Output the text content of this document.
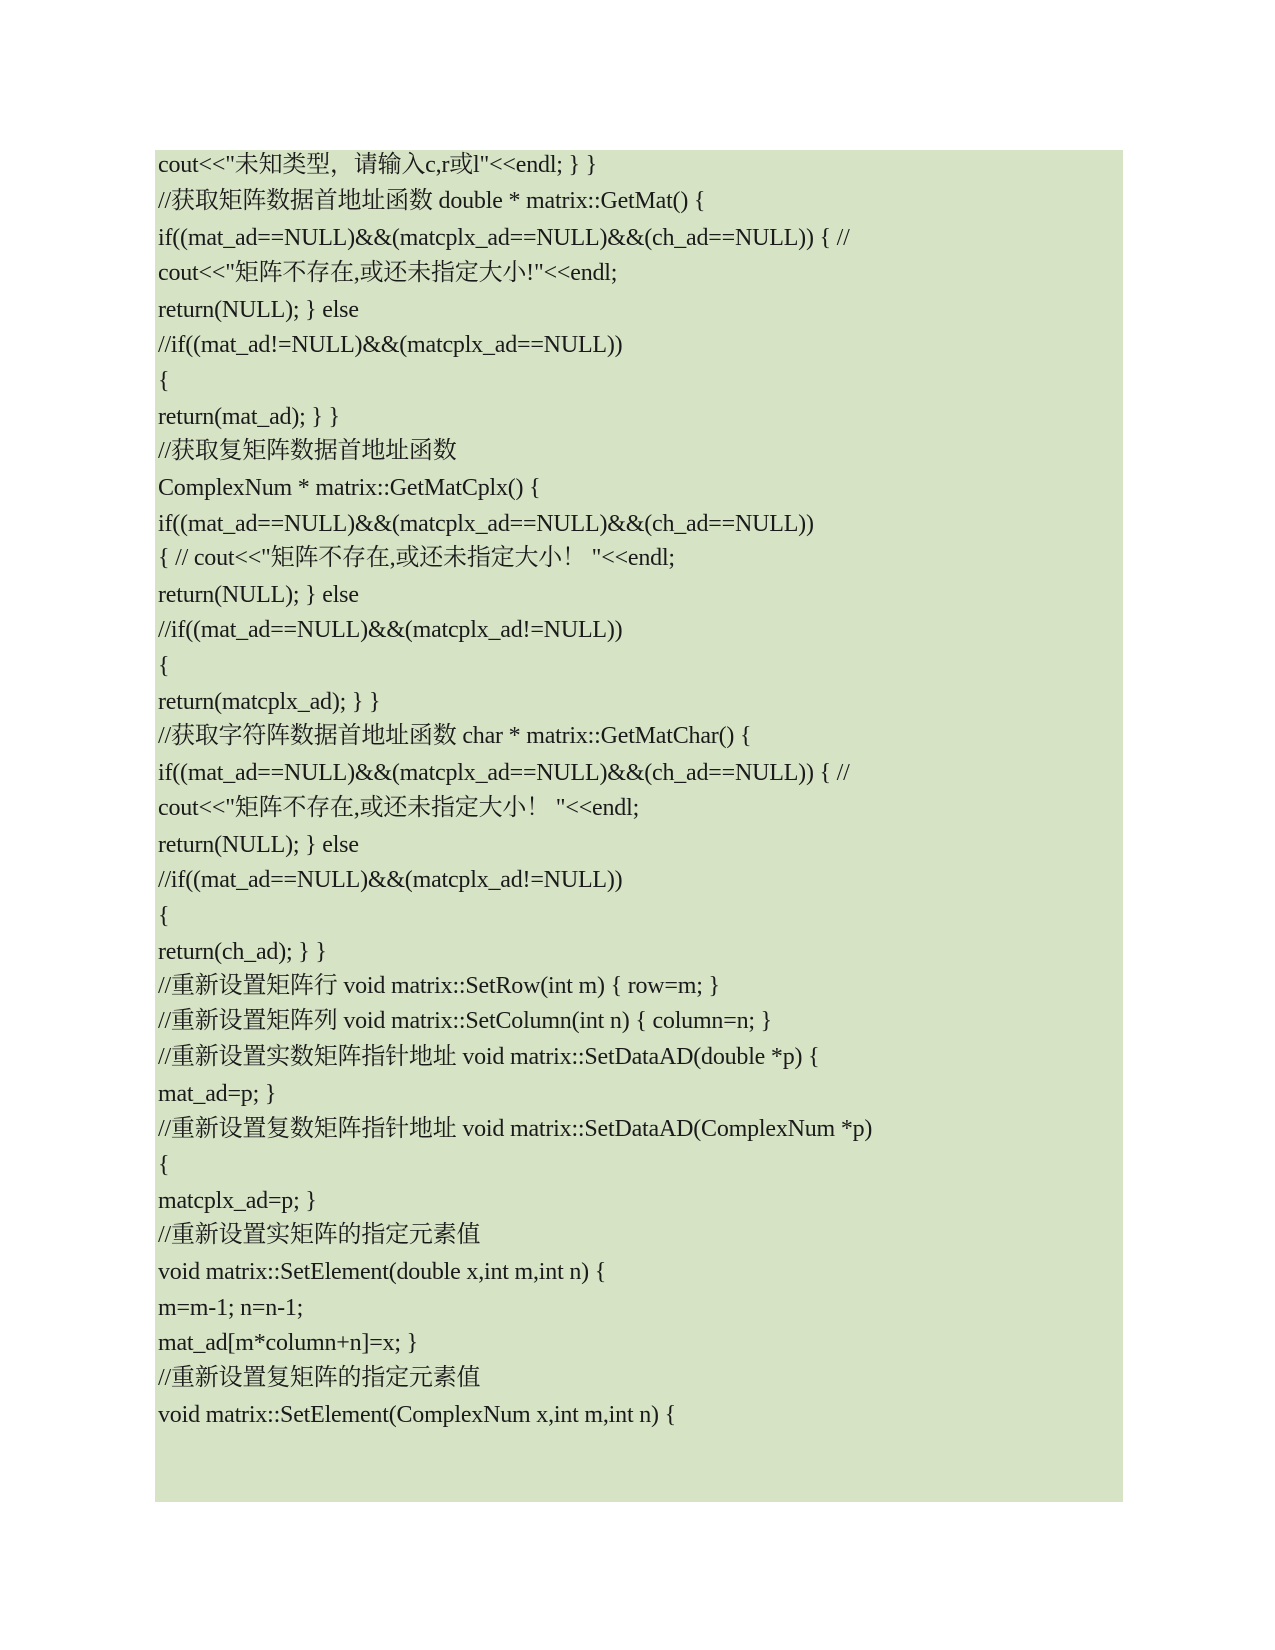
cout<<"未知类型，请输入c,r或l"<<endl; } }
//获取矩阵数据首地址函数 double * matrix::GetMat() {
if((mat_ad==NULL)&&(matcplx_ad==NULL)&&(ch_ad==NULL)) { //
cout<<"矩阵不存在,或还未指定大小!"<<endl;
return(NULL); } else
//if((mat_ad!=NULL)&&(matcplx_ad==NULL))
{
return(mat_ad); } }
//获取复矩阵数据首地址函数
ComplexNum * matrix::GetMatCplx() {
if((mat_ad==NULL)&&(matcplx_ad==NULL)&&(ch_ad==NULL))
{ // cout<<"矩阵不存在,或还未指定大小！ "<<endl;
return(NULL); } else
//if((mat_ad==NULL)&&(matcplx_ad!=NULL))
{
return(matcplx_ad); } }
//获取字符阵数据首地址函数 char * matrix::GetMatChar() {
if((mat_ad==NULL)&&(matcplx_ad==NULL)&&(ch_ad==NULL)) { //
cout<<"矩阵不存在,或还未指定大小！ "<<endl;
return(NULL); } else
//if((mat_ad==NULL)&&(matcplx_ad!=NULL))
{
return(ch_ad); } }
//重新设置矩阵行 void matrix::SetRow(int m) { row=m; }
//重新设置矩阵列 void matrix::SetColumn(int n) { column=n; }
//重新设置实数矩阵指针地址 void matrix::SetDataAD(double *p) {
mat_ad=p; }
//重新设置复数矩阵指针地址 void matrix::SetDataAD(ComplexNum *p)
{
matcplx_ad=p; }
//重新设置实矩阵的指定元素值
void matrix::SetElement(double x,int m,int n) {
m=m-1; n=n-1;
mat_ad[m*column+n]=x; }
//重新设置复矩阵的指定元素值
void matrix::SetElement(ComplexNum x,int m,int n) {
